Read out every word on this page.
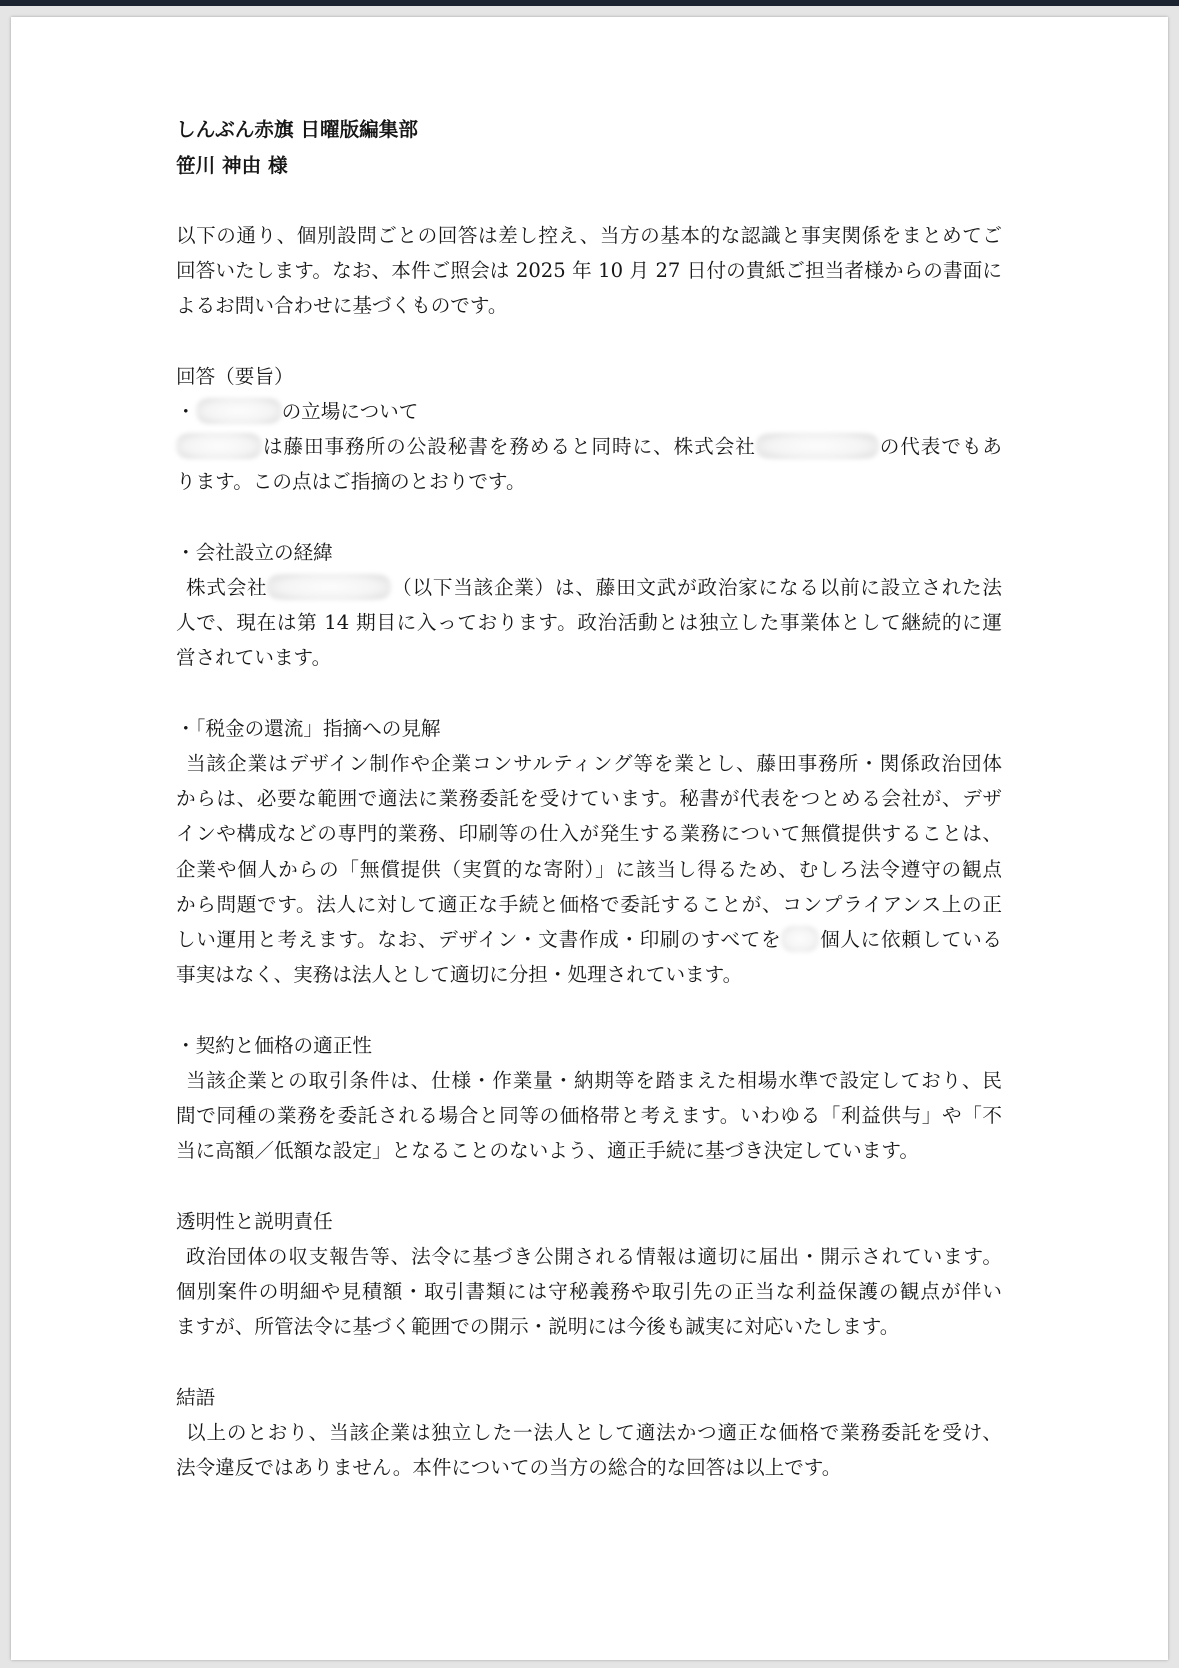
しんぶん赤旗 日曜版編集部
笹川 神由 様
以下の通り、個別設問ごとの回答は差し控え、当方の基本的な認識と事実関係をまとめてご
回答いたします。なお、本件ご照会は 2025 年 10 月 27 日付の貴紙ご担当者様からの書面に
よるお問い合わせに基づくものです。
回答（要旨）
・	の立場について
は藤田事務所の公設秘書を務めると同時に、株式会社	の代表でもあ
ります。この点はご指摘のとおりです。
・会社設立の経緯
株式会社	（以下当該企業）は、藤田文武が政治家になる以前に設立された法
人で、現在は第 14 期目に入っております。政治活動とは独立した事業体として継続的に運
営されています。
・「税金の還流」指摘への見解
当該企業はデザイン制作や企業コンサルティング等を業とし、藤田事務所・関係政治団体
からは、必要な範囲で適法に業務委託を受けています。秘書が代表をつとめる会社が、デザ
インや構成などの専門的業務、印刷等の仕入が発生する業務について無償提供することは、
企業や個人からの「無償提供（実質的な寄附）」に該当し得るため、むしろ法令遵守の観点
から問題です。法人に対して適正な手続と価格で委託することが、コンプライアンス上の正
しい運用と考えます。なお、デザイン・文書作成・印刷のすべてを 個人に依頼している
事実はなく、実務は法人として適切に分担・処理されています。
・契約と価格の適正性
当該企業との取引条件は、仕様・作業量・納期等を踏まえた相場水準で設定しており、民
間で同種の業務を委託される場合と同等の価格帯と考えます。いわゆる「利益供与」や「不
当に高額／低額な設定」となることのないよう、適正手続に基づき決定しています。
透明性と説明責任
政治団体の収支報告等、法令に基づき公開される情報は適切に届出・開示されています。
個別案件の明細や見積額・取引書類には守秘義務や取引先の正当な利益保護の観点が伴い
ますが、所管法令に基づく範囲での開示・説明には今後も誠実に対応いたします。
結語
以上のとおり、当該企業は独立した一法人として適法かつ適正な価格で業務委託を受け、
法令違反ではありません。本件についての当方の総合的な回答は以上です。
